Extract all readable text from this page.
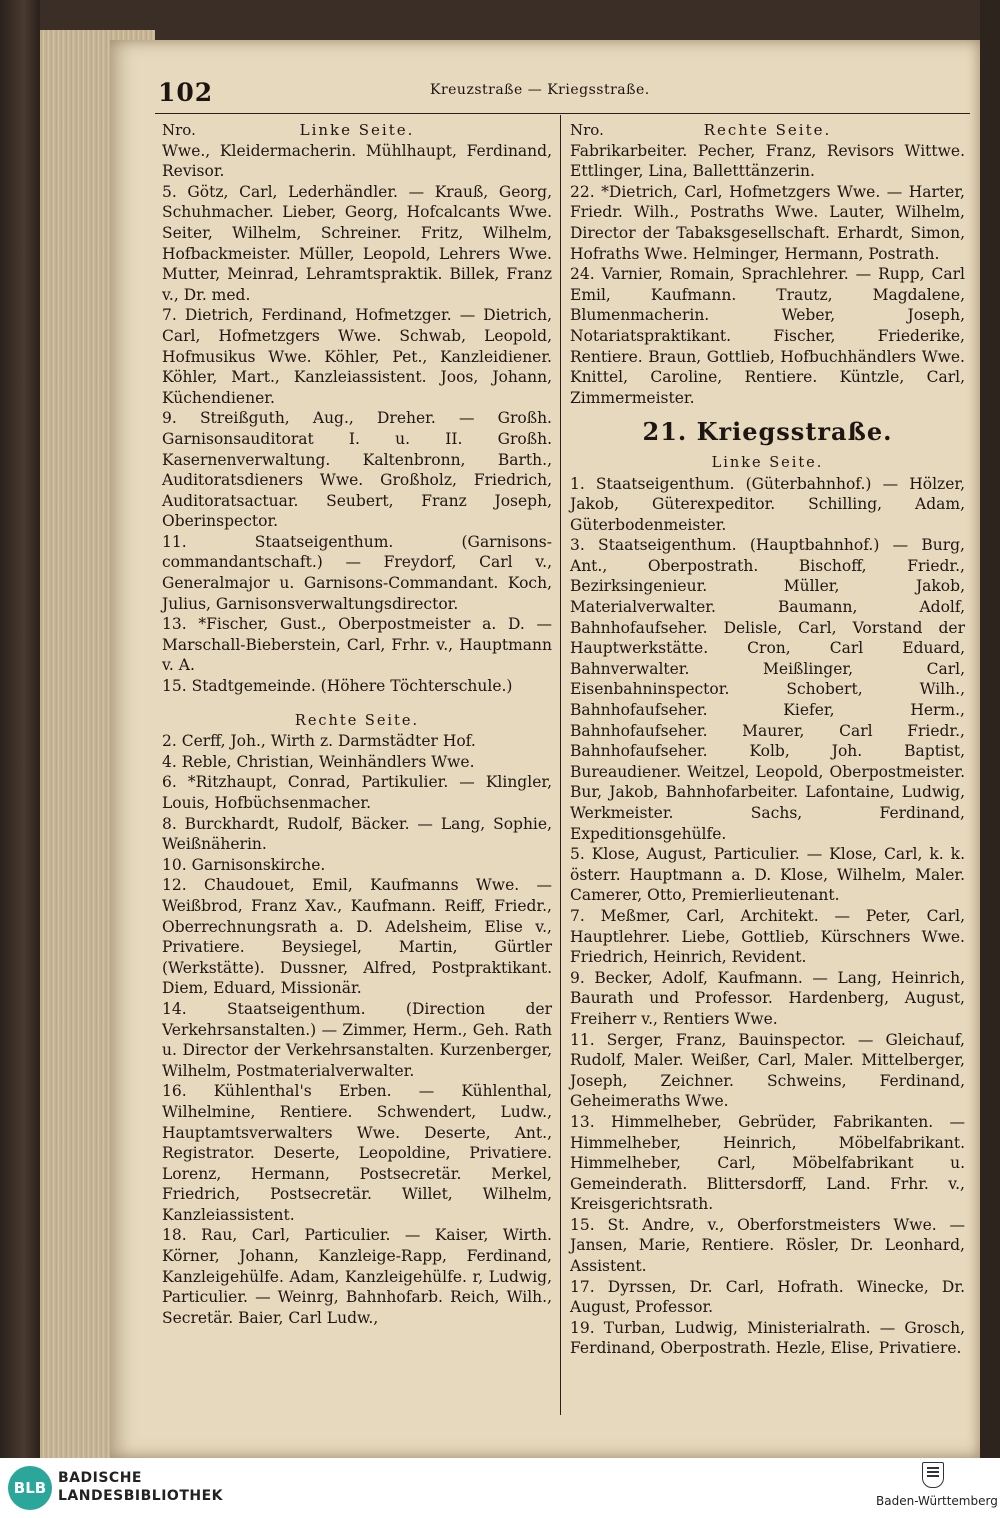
102	Kreuzstraße — Kriegsstraße.
Nro.	Linke Seite.
Wwe., Kleidermacherin. Mühlhaupt, Ferdinand, Revisor.
5. Götz, Carl, Lederhändler. — Krauß, Georg, Schuhmacher. Lieber, Georg, Hofcalcants Wwe. Seiter, Wilhelm, Schreiner. Fritz, Wilhelm, Hofbackmeister. Müller, Leopold, Lehrers Wwe. Mutter, Meinrad, Lehramtspraktik. Billek, Franz v., Dr. med.
7. Dietrich, Ferdinand, Hofmetzger. — Dietrich, Carl, Hofmetzgers Wwe. Schwab, Leopold, Hofmusikus Wwe. Köhler, Pet., Kanzleidiener. Köhler, Mart., Kanzleiassistent. Joos, Johann, Küchendiener.
9. Streißguth, Aug., Dreher. — Großh. Garnisonsauditorat I. u. II. Großh. Kasernenverwaltung. Kaltenbronn, Barth., Auditoratsdieners Wwe. Großholz, Friedrich, Auditoratsactuar. Seubert, Franz Joseph, Oberinspector.
11. Staatseigenthum. (Garnisons-commandantschaft.) — Freydorf, Carl v., Generalmajor u. Garnisons-Commandant. Koch, Julius, Garnisonsverwaltungsdirector.
13. *Fischer, Gust., Oberpostmeister a. D. — Marschall-Bieberstein, Carl, Frhr. v., Hauptmann v. A.
15. Stadtgemeinde. (Höhere Töchterschule.)
Rechte Seite.
2. Cerff, Joh., Wirth z. Darmstädter Hof.
4. Reble, Christian, Weinhändlers Wwe.
6. *Ritzhaupt, Conrad, Partikulier. — Klingler, Louis, Hofbüchsenmacher.
8. Burckhardt, Rudolf, Bäcker. — Lang, Sophie, Weißnäherin.
10. Garnisonskirche.
12. Chaudouet, Emil, Kaufmanns Wwe. — Weißbrod, Franz Xav., Kaufmann. Reiff, Friedr., Oberrechnungsrath a. D. Adelsheim, Elise v., Privatiere. Beysiegel, Martin, Gürtler (Werkstätte). Dussner, Alfred, Postpraktikant. Diem, Eduard, Missionär.
14. Staatseigenthum. (Direction der Verkehrsanstalten.) — Zimmer, Herm., Geh. Rath u. Director der Verkehrsanstalten. Kurzenberger, Wilhelm, Postmaterialverwalter.
16. Kühlenthal's Erben. — Kühlenthal, Wilhelmine, Rentiere. Schwendert, Ludw., Hauptamtsverwalters Wwe. Deserte, Ant., Registrator. Deserte, Leopoldine, Privatiere. Lorenz, Hermann, Postsecretär. Merkel, Friedrich, Postsecretär. Willet, Wilhelm, Kanzleiassistent.
18. Rau, Carl, Particulier. — Kaiser, Wirth. Körner, Johann, Kanzleige-Rapp, Ferdinand, Kanzleigehülfe. Adam, Kanzleigehülfe. r, Ludwig, Particulier. — Weinrg, Bahnhofarb. Reich, Wilh., Secretär. Baier, Carl Ludw.,
Nro.	Rechte Seite.
Fabrikarbeiter. Pecher, Franz, Revisors Wittwe. Ettlinger, Lina, Balletttänzerin.
22. *Dietrich, Carl, Hofmetzgers Wwe. — Harter, Friedr. Wilh., Postraths Wwe. Lauter, Wilhelm, Director der Tabaksgesellschaft. Erhardt, Simon, Hofraths Wwe. Helminger, Hermann, Postrath.
24. Varnier, Romain, Sprachlehrer. — Rupp, Carl Emil, Kaufmann. Trautz, Magdalene, Blumenmacherin. Weber, Joseph, Notariatspraktikant. Fischer, Friederike, Rentiere. Braun, Gottlieb, Hofbuchhändlers Wwe. Knittel, Caroline, Rentiere. Küntzle, Carl, Zimmermeister.
21. Kriegsstraße.
Linke Seite.
1. Staatseigenthum. (Güterbahnhof.) — Hölzer, Jakob, Güterexpeditor. Schilling, Adam, Güterbodenmeister.
3. Staatseigenthum. (Hauptbahnhof.) — Burg, Ant., Oberpostrath. Bischoff, Friedr., Bezirksingenieur. Müller, Jakob, Materialverwalter. Baumann, Adolf, Bahnhofaufseher. Delisle, Carl, Vorstand der Hauptwerkstätte. Cron, Carl Eduard, Bahnverwalter. Meißlinger, Carl, Eisenbahninspector. Schobert, Wilh., Bahnhofaufseher. Kiefer, Herm., Bahnhofaufseher. Maurer, Carl Friedr., Bahnhofaufseher. Kolb, Joh. Baptist, Bureaudiener. Weitzel, Leopold, Oberpostmeister. Bur, Jakob, Bahnhofarbeiter. Lafontaine, Ludwig, Werkmeister. Sachs, Ferdinand, Expeditionsgehülfe.
5. Klose, August, Particulier. — Klose, Carl, k. k. österr. Hauptmann a. D. Klose, Wilhelm, Maler. Camerer, Otto, Premierlieutenant.
7. Meßmer, Carl, Architekt. — Peter, Carl, Hauptlehrer. Liebe, Gottlieb, Kürschners Wwe. Friedrich, Heinrich, Revident.
9. Becker, Adolf, Kaufmann. — Lang, Heinrich, Baurath und Professor. Hardenberg, August, Freiherr v., Rentiers Wwe.
11. Serger, Franz, Bauinspector. — Gleichauf, Rudolf, Maler. Weißer, Carl, Maler. Mittelberger, Joseph, Zeichner. Schweins, Ferdinand, Geheimeraths Wwe.
13. Himmelheber, Gebrüder, Fabrikanten. — Himmelheber, Heinrich, Möbelfabrikant. Himmelheber, Carl, Möbelfabrikant u. Gemeinderath. Blittersdorff, Land. Frhr. v., Kreisgerichtsrath.
15. St. Andre, v., Oberforstmeisters Wwe. — Jansen, Marie, Rentiere. Rösler, Dr. Leonhard, Assistent.
17. Dyrssen, Dr. Carl, Hofrath. Winecke, Dr. August, Professor.
19. Turban, Ludwig, Ministerialrath. — Grosch, Ferdinand, Oberpostrath. Hezle, Elise, Privatiere.
BLB
BADISCHE
LANDESBIBLIOTHEK	Baden-Württemberg
